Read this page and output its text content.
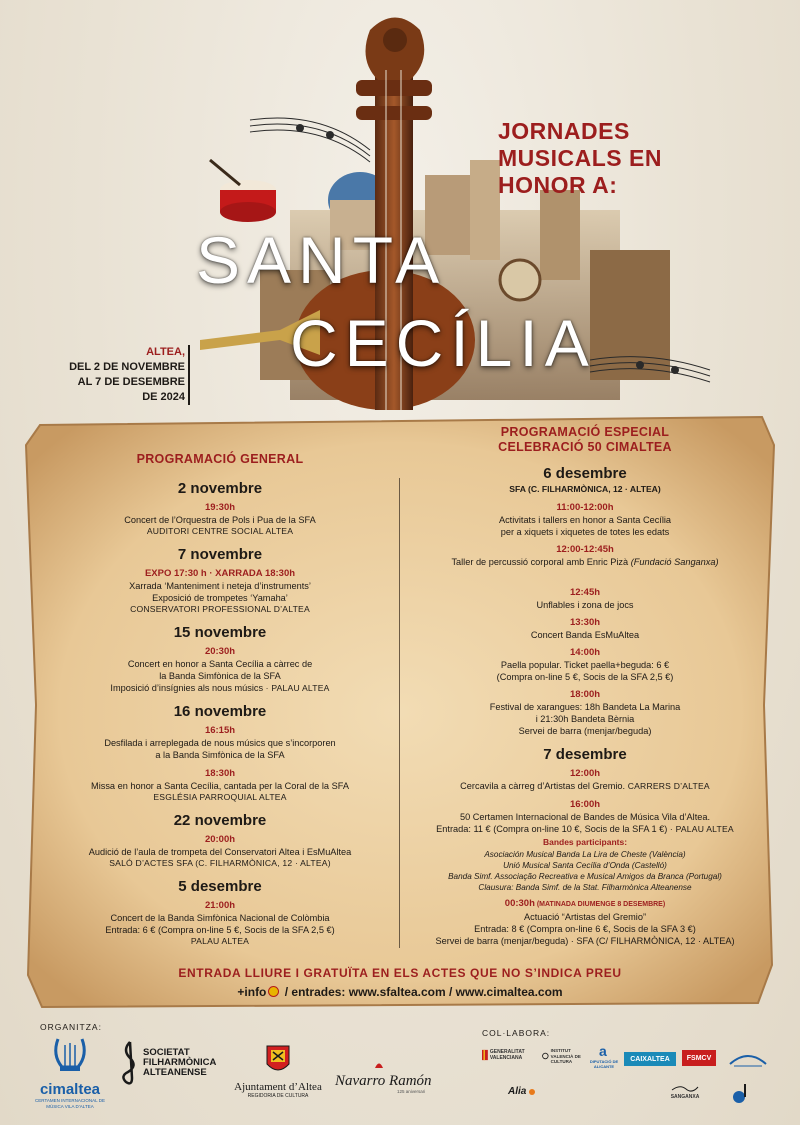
JORNADES
MUSICALS EN
HONOR A:
SANTA
CECÍLIA
ALTEA,
DEL 2 DE NOVEMBRE
AL 7 DE DESEMBRE
DE 2024
PROGRAMACIÓ GENERAL
2 novembre
19:30h
Concert de l’Orquestra de Pols i Pua de la SFA
AUDITORI CENTRE SOCIAL ALTEA
7 novembre
EXPO 17:30 h · XARRADA 18:30h
Xarrada ‘Manteniment i neteja d’instruments’
Exposició de trompetes ‘Yamaha’
CONSERVATORI PROFESSIONAL D’ALTEA
15 novembre
20:30h
Concert en honor a Santa Cecília a càrrec de
la Banda Simfònica de la SFA
Imposició d’insígnies als nous músics · PALAU ALTEA
16 novembre
16:15h
Desfilada i arreplegada de nous músics que s’incorporen
a la Banda Simfònica de la SFA
18:30h
Missa en honor a Santa Cecília, cantada per la Coral de la SFA
ESGLÉSIA PARROQUIAL ALTEA
22 novembre
20:00h
Audició de l’aula de trompeta del Conservatori Altea i EsMuAltea
SALÓ D’ACTES SFA (C. FILHARMÒNICA, 12 · ALTEA)
5 desembre
21:00h
Concert de la Banda Simfònica Nacional de Colòmbia
Entrada: 6 € (Compra on-line 5 €, Socis de la SFA 2,5 €)
PALAU ALTEA
PROGRAMACIÓ ESPECIAL
CELEBRACIÓ 50 CIMALTEA
6 desembre
SFA (C. FILHARMÒNICA, 12 · ALTEA)
11:00-12:00h
Activitats i tallers en honor a Santa Cecília
per a xiquets i xiquetes de totes les edats
12:00-12:45h
Taller de percussió corporal amb Enric Pizà (Fundació Sanganxa)
12:45h
Unflables i zona de jocs
13:30h
Concert Banda EsMuAltea
14:00h
Paella popular. Ticket paella+beguda: 6 €
(Compra on-line 5 €, Socis de la SFA 2,5 €)
18:00h
Festival de xarangues: 18h Bandeta La Marina
i 21:30h Bandeta Bèrnia
Servei de barra (menjar/beguda)
7 desembre
12:00h
Cercavila a càrreg d’Artistas del Gremio. CARRERS D’ALTEA
16:00h
50 Certamen Internacional de Bandes de Música Vila d’Altea.
Entrada: 11 € (Compra on-line 10 €, Socis de la SFA 1 €) · PALAU ALTEA
Bandes participants:
Asociación Musical Banda La Lira de Cheste (València)
Unió Musical Santa Cecília d’Onda (Castelló)
Banda Simf. Associação Recreativa e Musical Amigos da Branca (Portugal)
Clausura: Banda Simf. de la Stat. Filharmònica Alteanense
00:30h (MATINADA DIUMENGE 8 DESEMBRE)
Actuació “Artistas del Gremio”
Entrada: 8 € (Compra on-line 6 €, Socis de la SFA 3 €)
Servei de barra (menjar/beguda) · SFA (C/ FILHARMÒNICA, 12 · ALTEA)
ENTRADA LLIURE I GRATUÏTA EN ELS ACTES QUE NO S’INDICA PREU
+info / entrades: www.sfaltea.com / www.cimaltea.com
ORGANITZA:
COL·LABORA:
cimaltea
CERTAMEN INTERNACIONAL DE MÚSICA VILA D’ALTEA
SOCIETAT
FILHARMÒNICA
ALTEANENSE
Ajuntament d’Altea
REGIDORIA DE CULTURA
Navarro Ramón
125 aniversari
GENERALITAT VALENCIANA
INSTITUT VALENCIÀ DE CULTURA
a
DIPUTACIÓ DE ALICANTE
CAIXALTEA FSMCV
Alia	SANGANXA
